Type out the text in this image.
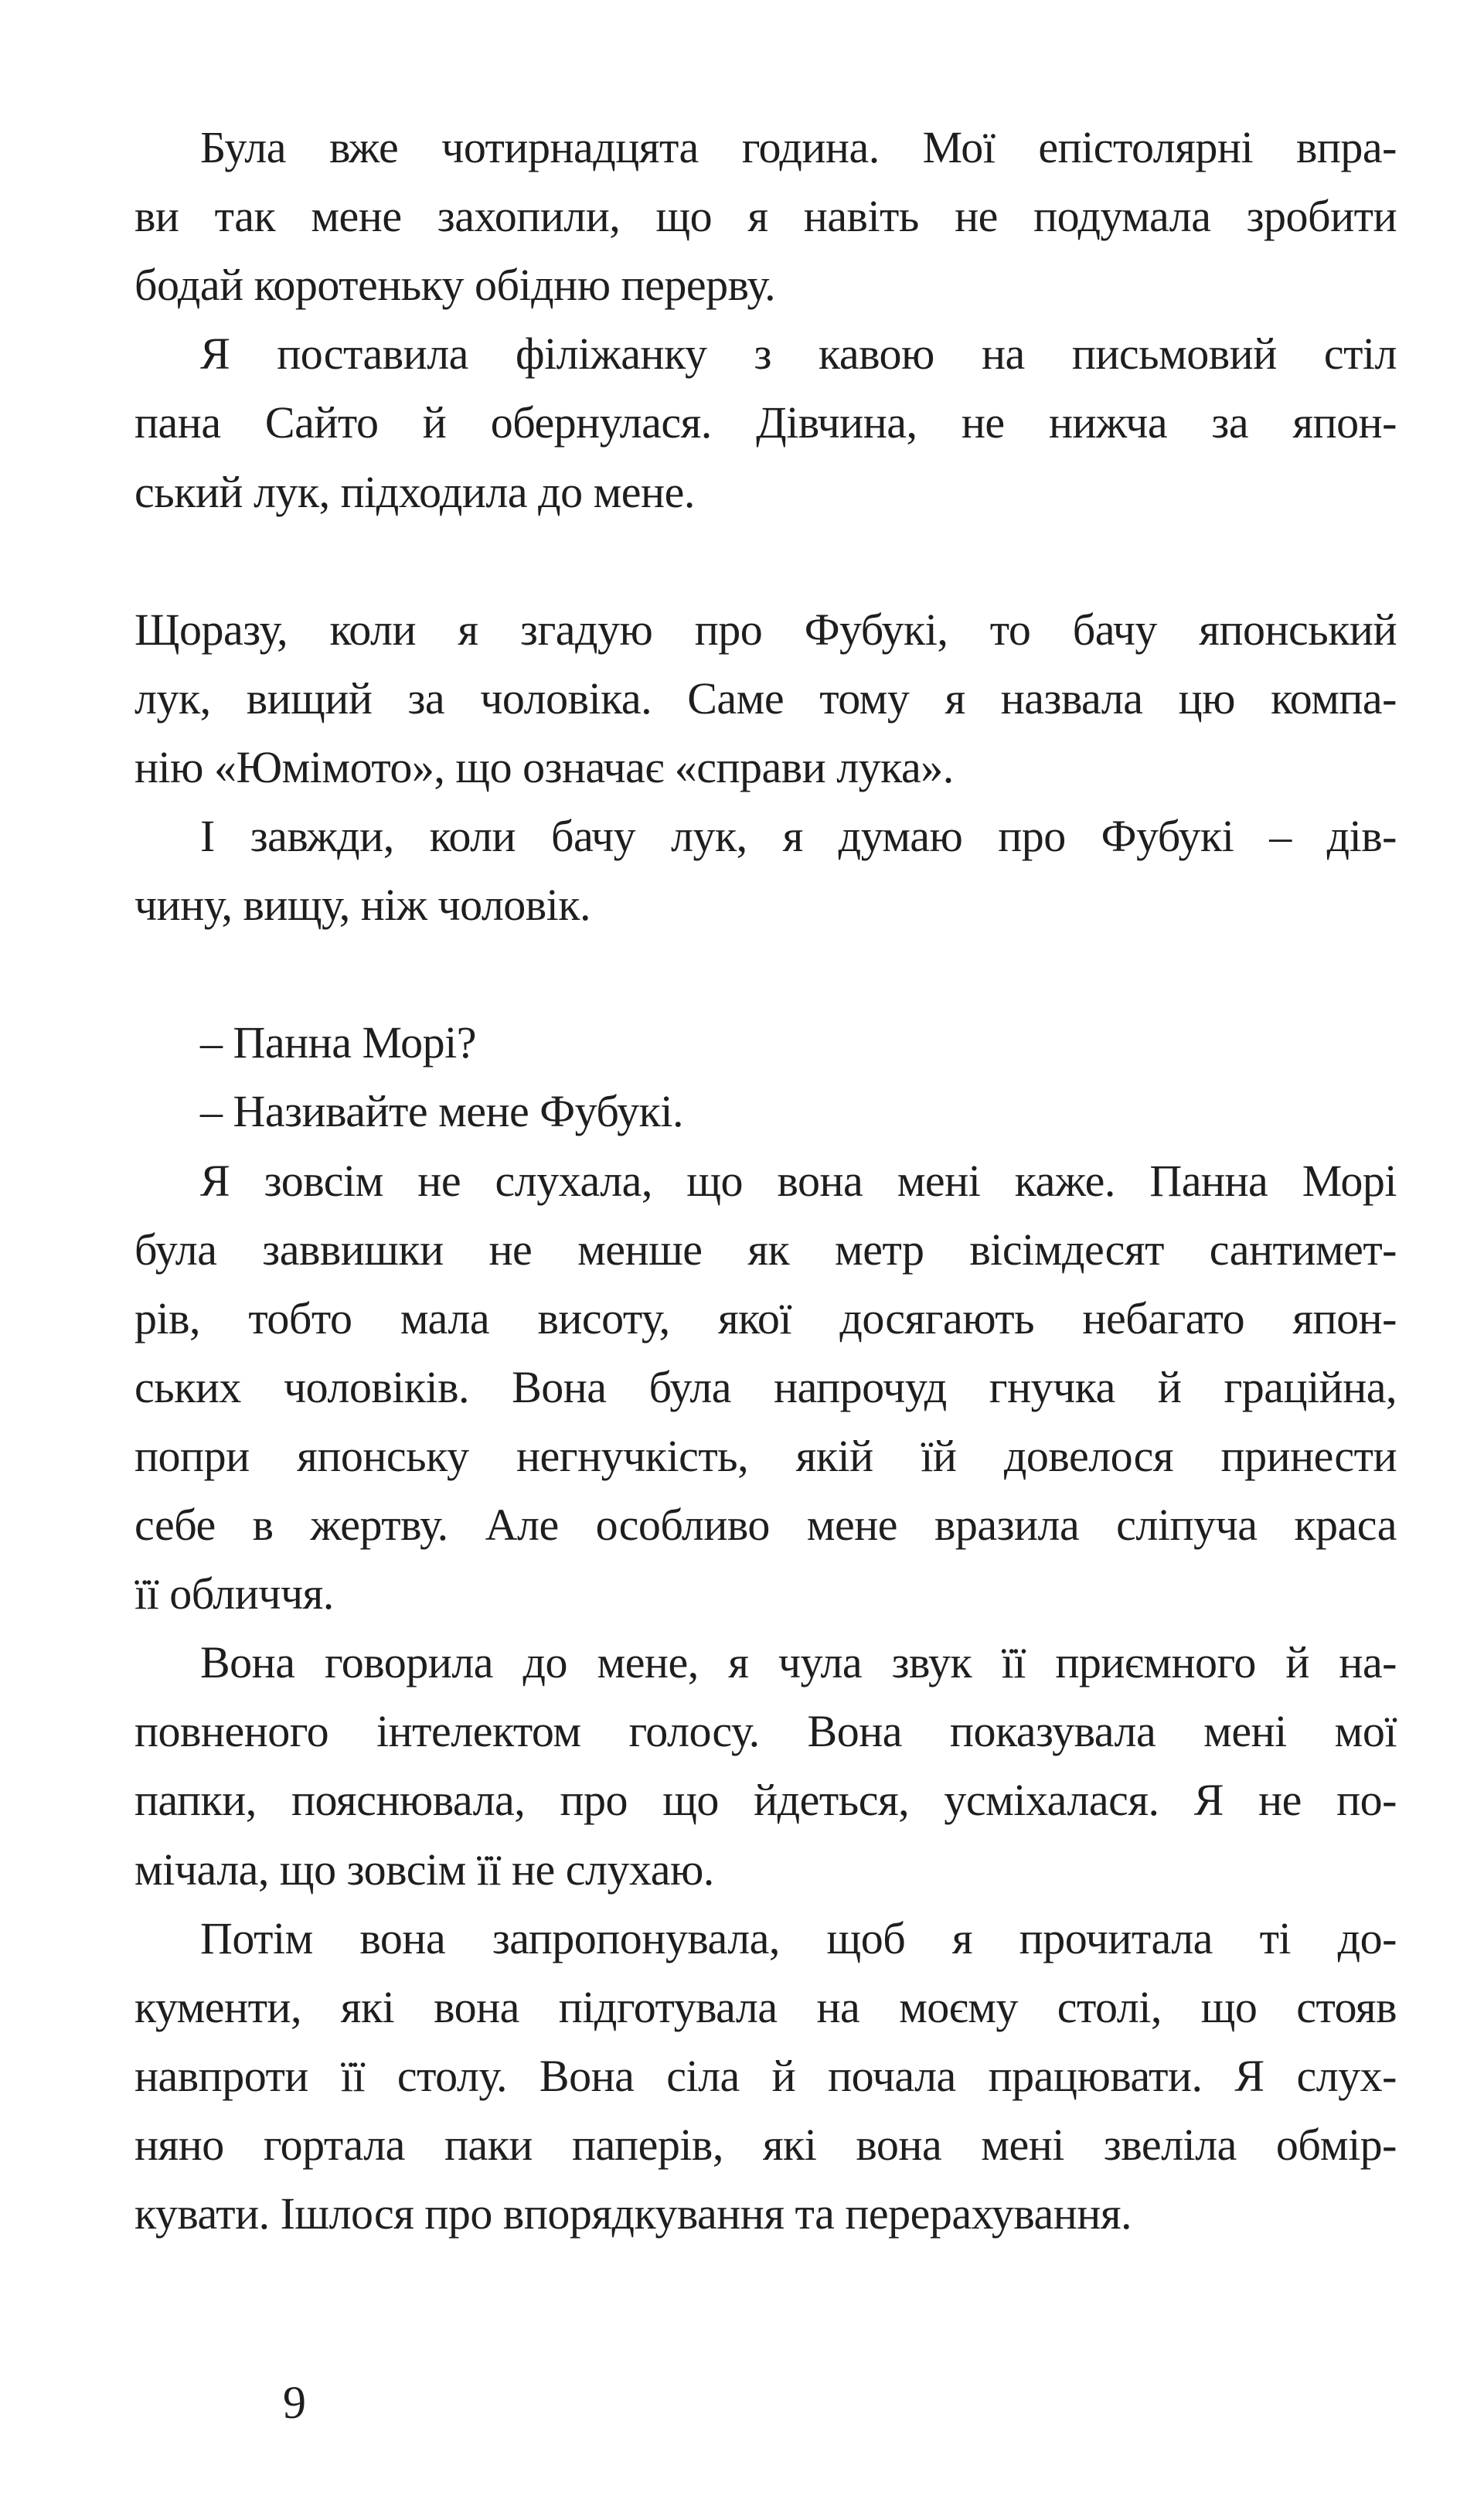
9
Була вже чотирнадцята година. Мої епістолярні впра-
ви так мене захопили, що я навіть не подумала зробити
бодай коротеньку обідню перерву.
Я поставила філіжанку з кавою на письмовий стіл
пана Сайто й обернулася. Дівчина, не нижча за япон-
ський лук, підходила до мене.
Щоразу, коли я згадую про Фубукі, то бачу японський
лук, вищий за чоловіка. Саме тому я назвала цю компа-
нію «Юмімото», що означає «справи лука».
І завжди, коли бачу лук, я думаю про Фубукі – дів-
чину, вищу, ніж чоловік.
– Панна Морі?
– Називайте мене Фубукі.
Я зовсім не слухала, що вона мені каже. Панна Морі
була заввишки не менше як метр вісімдесят сантимет-
рів, тобто мала висоту, якої досягають небагато япон-
ських чоловіків. Вона була напрочуд гнучка й граційна,
попри японську негнучкість, якій їй довелося принести
себе в жертву. Але особливо мене вразила сліпуча краса
її обличчя.
Вона говорила до мене, я чула звук її приємного й на-
повненого інтелектом голосу. Вона показувала мені мої
папки, пояснювала, про що йдеться, усміхалася. Я не по-
мічала, що зовсім її не слухаю.
Потім вона запропонувала, щоб я прочитала ті до-
кументи, які вона підготувала на моєму столі, що стояв
навпроти її столу. Вона сіла й почала працювати. Я слух-
няно гортала паки паперів, які вона мені звеліла обмір-
кувати. Ішлося про впорядкування та перерахування.
